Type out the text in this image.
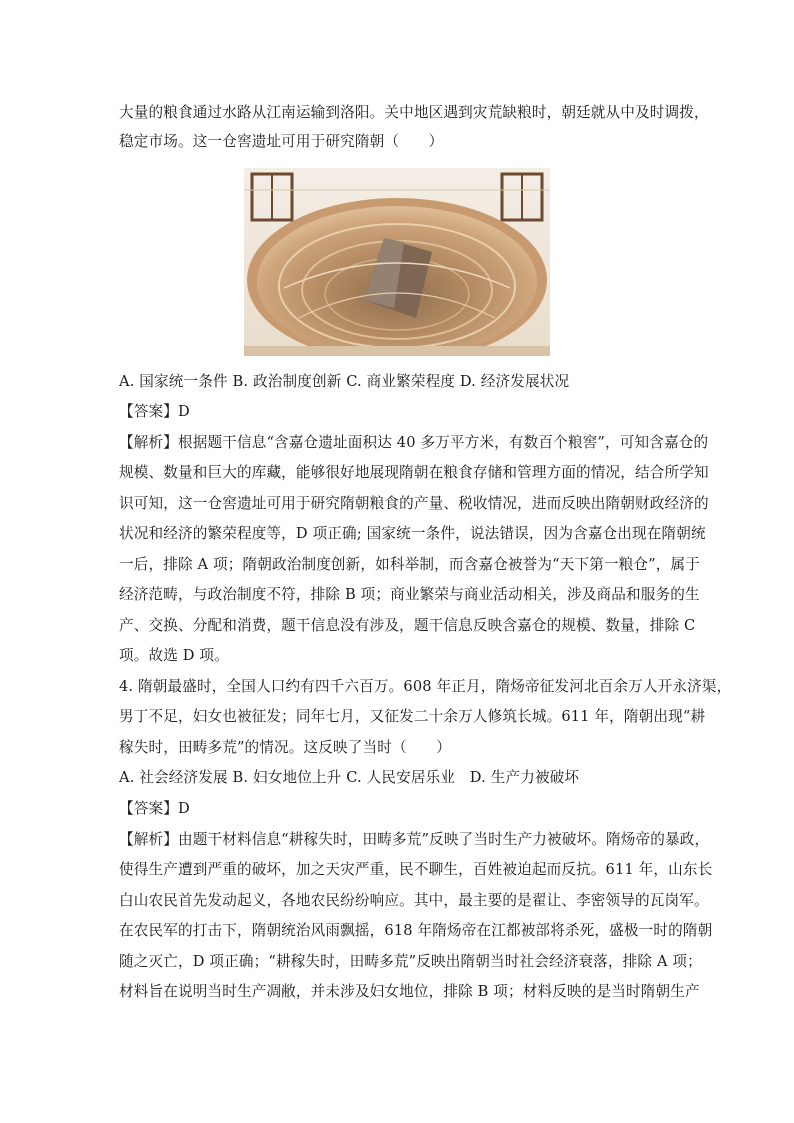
大量的粮食通过水路从江南运输到洛阳。关中地区遇到灾荒缺粮时，朝廷就从中及时调拨，
稳定市场。这一仓窖遗址可用于研究隋朝（　　）
A. 国家统一条件 B. 政治制度创新 C. 商业繁荣程度 D. 经济发展状况
【答案】D
【解析】根据题干信息“含嘉仓遗址面积达 40 多万平方米，有数百个粮窖”，可知含嘉仓的
规模、数量和巨大的库藏，能够很好地展现隋朝在粮食存储和管理方面的情况，结合所学知
识可知，这一仓窖遗址可用于研究隋朝粮食的产量、税收情况，进而反映出隋朝财政经济的
状况和经济的繁荣程度等，D 项正确; 国家统一条件，说法错误，因为含嘉仓出现在隋朝统
一后，排除 A 项；隋朝政治制度创新，如科举制，而含嘉仓被誉为“天下第一粮仓”，属于
经济范畴，与政治制度不符，排除 B 项；商业繁荣与商业活动相关，涉及商品和服务的生
产、交换、分配和消费，题干信息没有涉及，题干信息反映含嘉仓的规模、数量，排除 C
项。故选 D 项。
4. 隋朝最盛时，全国人口约有四千六百万。608 年正月，隋炀帝征发河北百余万人开永济渠，
男丁不足，妇女也被征发；同年七月，又征发二十余万人修筑长城。611 年，隋朝出现“耕
稼失时，田畴多荒”的情况。这反映了当时（　　）
A. 社会经济发展 B. 妇女地位上升 C. 人民安居乐业　D. 生产力被破坏
【答案】D
【解析】由题干材料信息“耕稼失时，田畴多荒”反映了当时生产力被破坏。隋炀帝的暴政，
使得生产遭到严重的破坏，加之天灾严重，民不聊生，百姓被迫起而反抗。611 年，山东长
白山农民首先发动起义，各地农民纷纷响应。其中，最主要的是翟让、李密领导的瓦岗军。
在农民军的打击下，隋朝统治风雨飘摇，618 年隋炀帝在江都被部将杀死，盛极一时的隋朝
随之灭亡，D 项正确；“耕稼失时，田畴多荒”反映出隋朝当时社会经济衰落，排除 A 项；
材料旨在说明当时生产凋敝，并未涉及妇女地位，排除 B 项；材料反映的是当时隋朝生产
